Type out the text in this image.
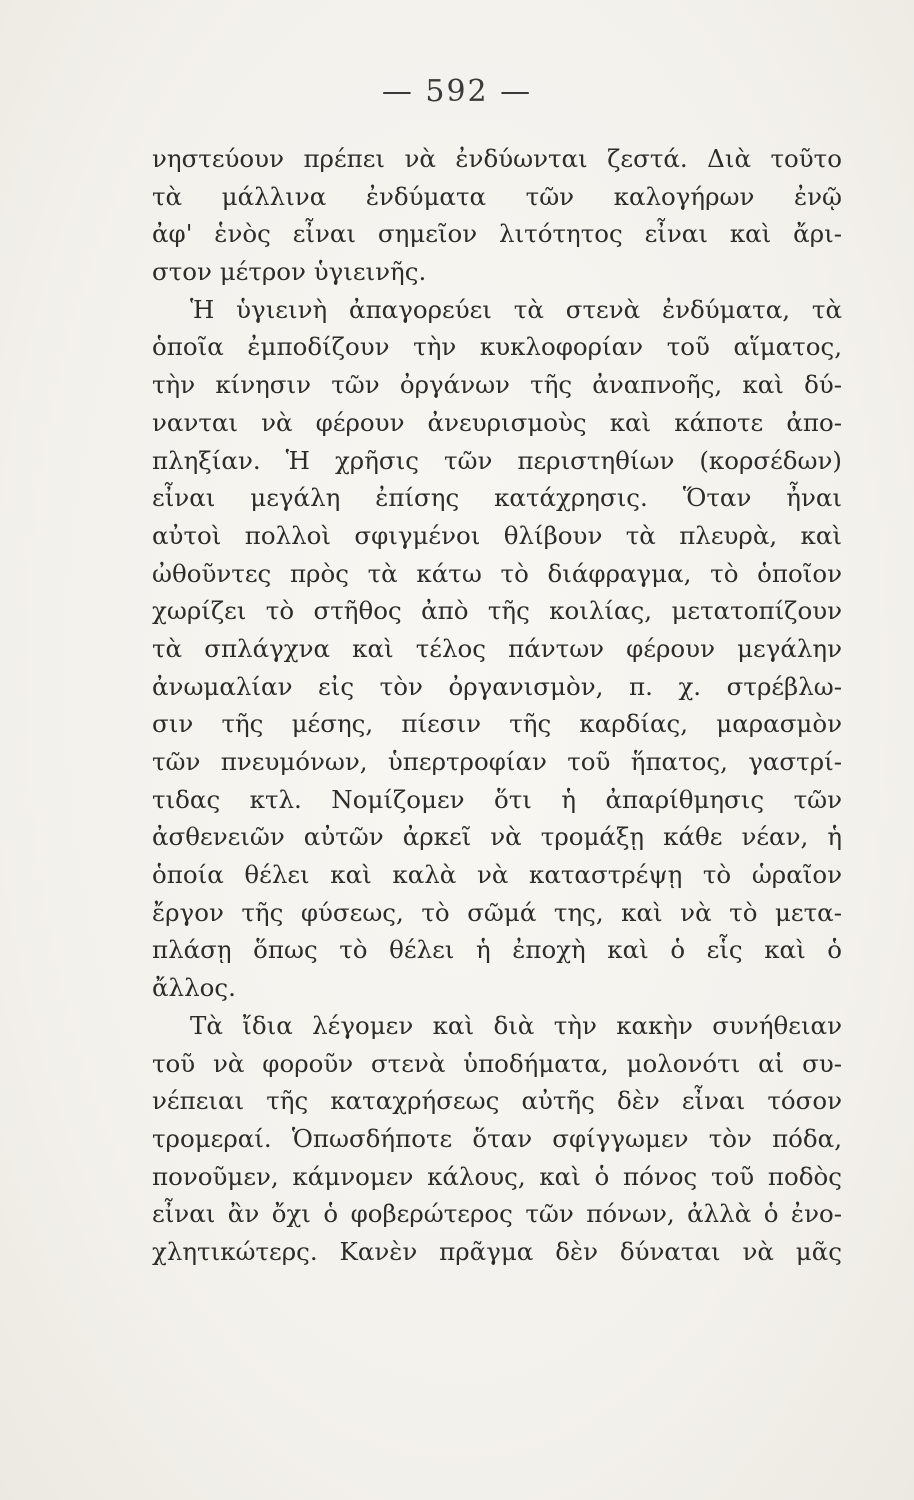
— 592 —
νηστεύουν πρέπει νὰ ἐνδύωνται ζεστά. Διὰ τοῦτο
τὰ μάλλινα ἐνδύματα τῶν καλογήρων ἐνῷ
ἀφ' ἑνὸς εἶναι σημεῖον λιτότητος εἶναι καὶ ἄρι-
στον μέτρον ὑγιεινῆς.
Ἡ ὑγιεινὴ ἀπαγορεύει τὰ στενὰ ἐνδύματα, τὰ
ὁποῖα ἐμποδίζουν τὴν κυκλοφορίαν τοῦ αἵματος,
τὴν κίνησιν τῶν ὀργάνων τῆς ἀναπνοῆς, καὶ δύ-
νανται νὰ φέρουν ἀνευρισμοὺς καὶ κάποτε ἀπο-
πληξίαν. Ἡ χρῆσις τῶν περιστηθίων (κορσέδων)
εἶναι μεγάλη ἐπίσης κατάχρησις. Ὅταν ἦναι
αὐτοὶ πολλοὶ σφιγμένοι θλίβουν τὰ πλευρὰ, καὶ
ὠθοῦντες πρὸς τὰ κάτω τὸ διάφραγμα, τὸ ὁποῖον
χωρίζει τὸ στῆθος ἀπὸ τῆς κοιλίας, μετατοπίζουν
τὰ σπλάγχνα καὶ τέλος πάντων φέρουν μεγάλην
ἀνωμαλίαν εἰς τὸν ὀργανισμὸν, π. χ. στρέβλω-
σιν τῆς μέσης, πίεσιν τῆς καρδίας, μαρασμὸν
τῶν πνευμόνων, ὑπερτροφίαν τοῦ ἥπατος, γαστρί-
τιδας κτλ. Νομίζομεν ὅτι ἡ ἀπαρίθμησις τῶν
ἀσθενειῶν αὐτῶν ἀρκεῖ νὰ τρομάξῃ κάθε νέαν, ἡ
ὁποία θέλει καὶ καλὰ νὰ καταστρέψῃ τὸ ὡραῖον
ἔργον τῆς φύσεως, τὸ σῶμά της, καὶ νὰ τὸ μετα-
πλάσῃ ὅπως τὸ θέλει ἡ ἐποχὴ καὶ ὁ εἷς καὶ ὁ
ἄλλος.
Τὰ ἴδια λέγομεν καὶ διὰ τὴν κακὴν συνήθειαν
τοῦ νὰ φοροῦν στενὰ ὑποδήματα, μολονότι αἱ συ-
νέπειαι τῆς καταχρήσεως αὐτῆς δὲν εἶναι τόσον
τρομεραί. Ὁπωσδήποτε ὅταν σφίγγωμεν τὸν πόδα,
πονοῦμεν, κάμνομεν κάλους, καὶ ὁ πόνος τοῦ ποδὸς
εἶναι ἂν ὄχι ὁ φοβερώτερος τῶν πόνων, ἀλλὰ ὁ ἐνο-
χλητικώτερς. Κανὲν πρᾶγμα δὲν δύναται νὰ μᾶς
